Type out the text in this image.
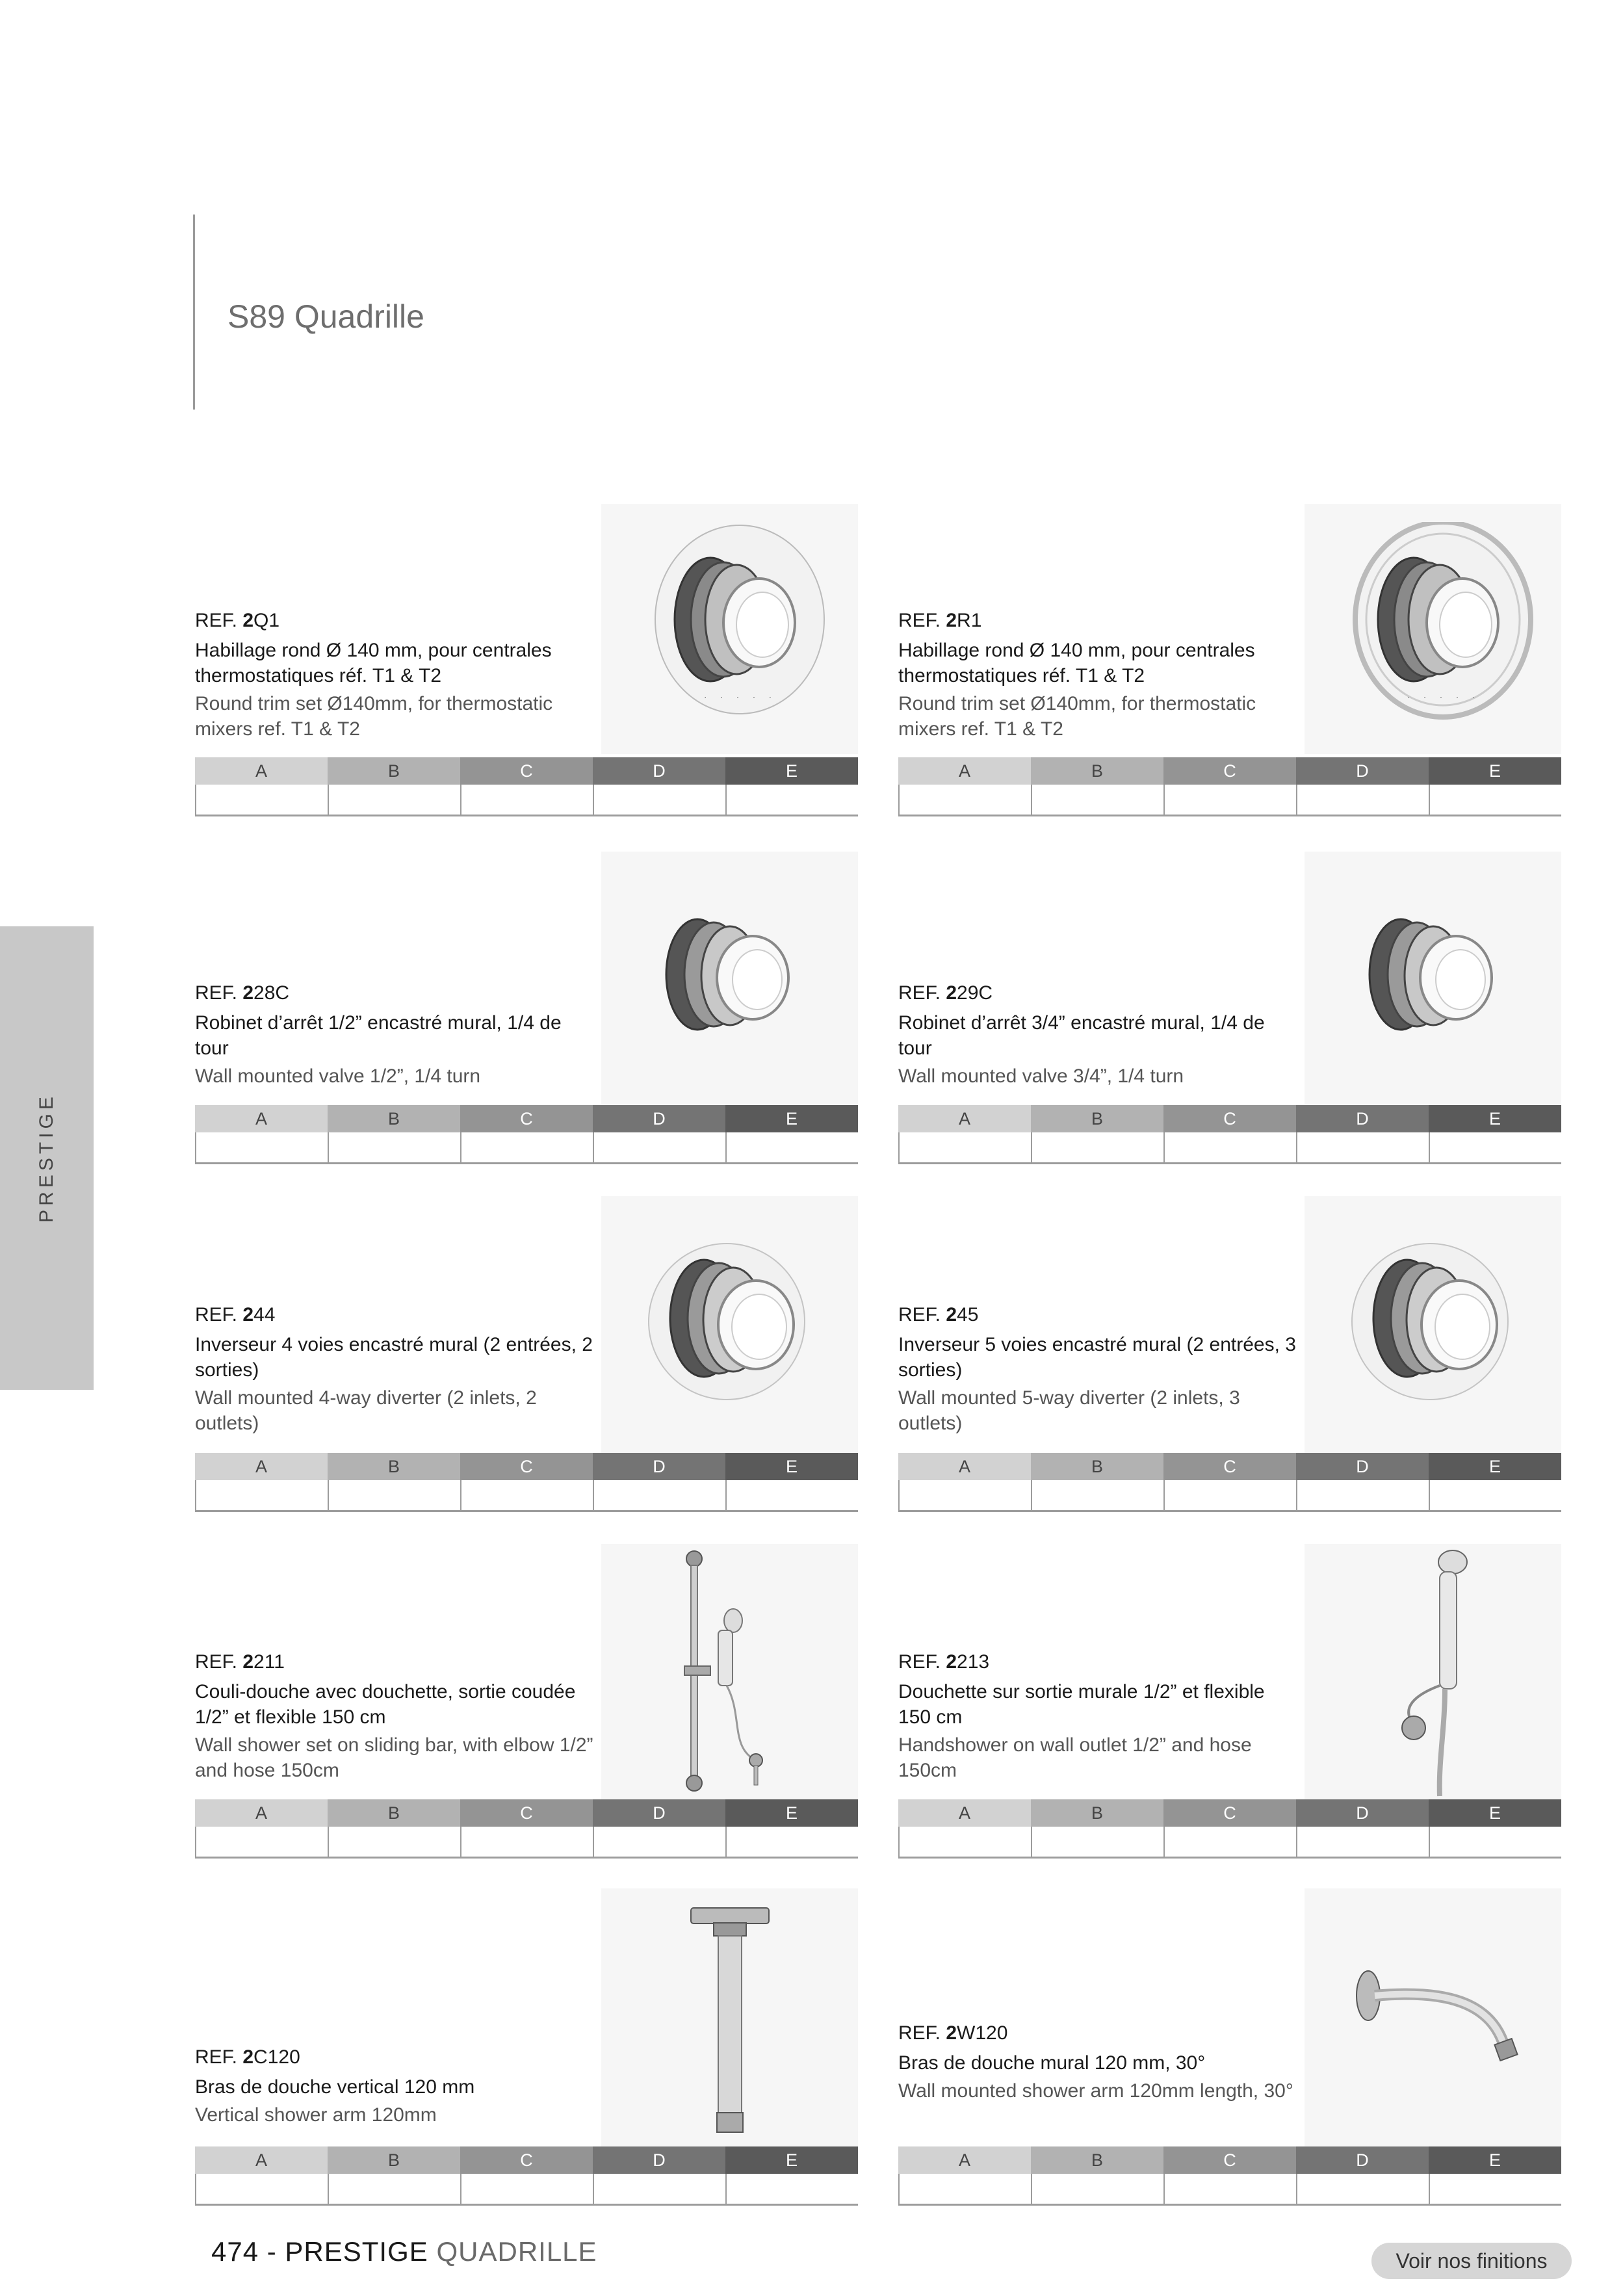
S89 Quadrille
PRESTIGE
· · · · ·
REF. 2Q1
Habillage rond Ø 140 mm, pour centrales thermostatiques réf. T1 & T2
Round trim set Ø140mm, for thermostatic mixers ref. T1 & T2
A	B	C	D	E
· · · · ·
REF. 2R1
Habillage rond Ø 140 mm, pour centrales thermostatiques réf. T1 & T2
Round trim set Ø140mm, for thermostatic mixers ref. T1 & T2
A	B	C	D	E
REF. 228C
Robinet d’arrêt 1/2” encastré mural, 1/4 de tour
Wall mounted valve 1/2”, 1/4 turn
A	B	C	D	E
REF. 229C
Robinet d’arrêt 3/4” encastré mural, 1/4 de tour
Wall mounted valve 3/4”, 1/4 turn
A	B	C	D	E
REF. 244
Inverseur 4 voies encastré mural (2 entrées, 2 sorties)
Wall mounted 4-way diverter (2 inlets, 2 outlets)
A	B	C	D	E
REF. 245
Inverseur 5 voies encastré mural (2 entrées, 3 sorties)
Wall mounted 5-way diverter (2 inlets, 3 outlets)
A	B	C	D	E
REF. 2211
Couli-douche avec douchette, sortie coudée 1/2” et flexible 150 cm
Wall shower set on sliding bar, with elbow 1/2” and hose 150cm
A	B	C	D	E
REF. 2213
Douchette sur sortie murale 1/2” et flexible 150 cm
Handshower on wall outlet 1/2” and hose 150cm
A	B	C	D	E
REF. 2C120
Bras de douche vertical 120 mm
Vertical shower arm 120mm
A	B	C	D	E
REF. 2W120
Bras de douche mural 120 mm, 30°
Wall mounted shower arm 120mm length, 30°
A	B	C	D	E
474 - PRESTIGE QUADRILLE	Voir nos finitions
